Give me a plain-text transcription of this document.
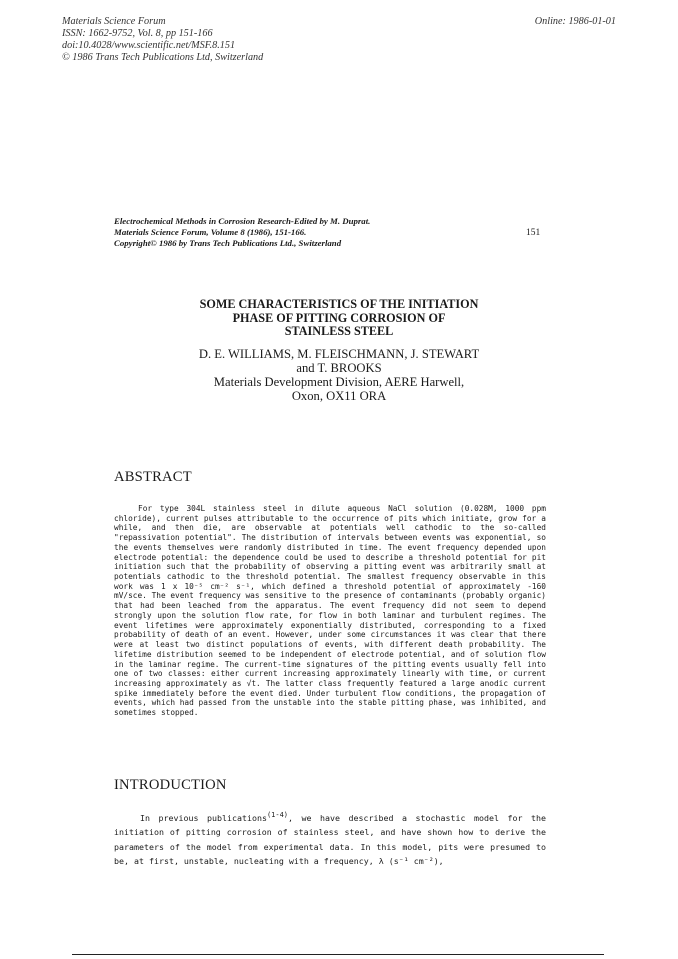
Materials Science Forum
ISSN: 1662-9752, Vol. 8, pp 151-166
doi:10.4028/www.scientific.net/MSF.8.151
© 1986 Trans Tech Publications Ltd, Switzerland
Online: 1986-01-01
Electrochemical Methods in Corrosion Research-Edited by M. Duprat.
Materials Science Forum, Volume 8 (1986), 151-166.
Copyright© 1986 by Trans Tech Publications Ltd., Switzerland
151
SOME CHARACTERISTICS OF THE INITIATION
PHASE OF PITTING CORROSION OF
STAINLESS STEEL
D. E. WILLIAMS, M. FLEISCHMANN, J. STEWART
and T. BROOKS
Materials Development Division, AERE Harwell,
Oxon, OX11 ORA
ABSTRACT
For type 304L stainless steel in dilute aqueous NaCl solution (0.028M, 1000 ppm chloride), current pulses attributable to the occurrence of pits which initiate, grow for a while, and then die, are observable at potentials well cathodic to the so-called "repassivation potential". The distribution of intervals between events was exponential, so the events themselves were randomly distributed in time. The event frequency depended upon electrode potential: the dependence could be used to describe a threshold potential for pit initiation such that the probability of observing a pitting event was arbitrarily small at potentials cathodic to the threshold potential. The smallest frequency observable in this work was 1 x 10⁻⁵ cm⁻² s⁻¹, which defined a threshold potential of approximately -160 mV/sce. The event frequency was sensitive to the presence of contaminants (probably organic) that had been leached from the apparatus. The event frequency did not seem to depend strongly upon the solution flow rate, for flow in both laminar and turbulent regimes. The event lifetimes were approximately exponentially distributed, corresponding to a fixed probability of death of an event. However, under some circumstances it was clear that there were at least two distinct populations of events, with different death probability. The lifetime distribution seemed to be independent of electrode potential, and of solution flow in the laminar regime. The current-time signatures of the pitting events usually fell into one of two classes: either current increasing approximately linearly with time, or current increasing approximately as √t. The latter class frequently featured a large anodic current spike immediately before the event died. Under turbulent flow conditions, the propagation of events, which had passed from the unstable into the stable pitting phase, was inhibited, and sometimes stopped.
INTRODUCTION
In previous publications$^{(1-4)}$, we have described a stochastic model for the initiation of pitting corrosion of stainless steel, and have shown how to derive the parameters of the model from experimental data. In this model, pits were presumed to be, at first, unstable, nucleating with a frequency, λ (s⁻¹ cm⁻²),
